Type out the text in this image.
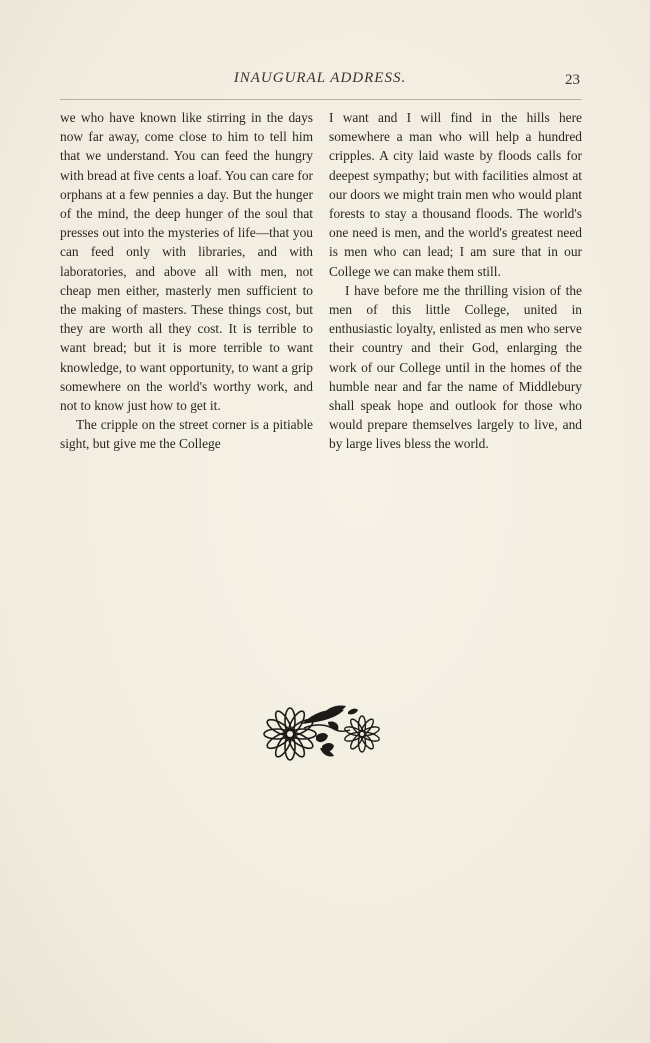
INAUGURAL ADDRESS.	23

we who have known like stirring in the days now far away, come close to him to tell him that we understand. You can feed the hungry with bread at five cents a loaf. You can care for orphans at a few pennies a day. But the hunger of the mind, the deep hunger of the soul that presses out into the mysteries of life—that you can feed only with libraries, and with laboratories, and above all with men, not cheap men either, masterly men sufficient to the making of masters. These things cost, but they are worth all they cost. It is terrible to want bread; but it is more terrible to want knowledge, to want opportunity, to want a grip somewhere on the world's worthy work, and not to know just how to get it.

The cripple on the street corner is a pitiable sight, but give me the College

I want and I will find in the hills here somewhere a man who will help a hundred cripples. A city laid waste by floods calls for deepest sympathy; but with facilities almost at our doors we might train men who would plant forests to stay a thousand floods. The world's one need is men, and the world's greatest need is men who can lead; I am sure that in our College we can make them still.

I have before me the thrilling vision of the men of this little College, united in enthusiastic loyalty, enlisted as men who serve their country and their God, enlarging the work of our College until in the homes of the humble near and far the name of Middlebury shall speak hope and outlook for those who would prepare themselves largely to live, and by large lives bless the world.
